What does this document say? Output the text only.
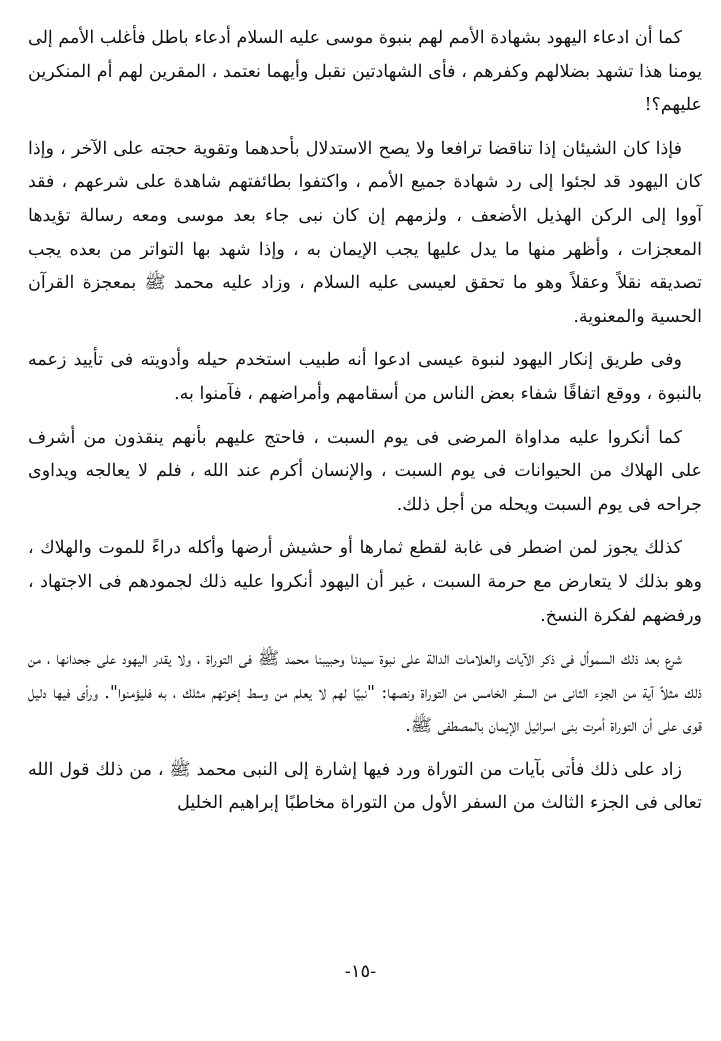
كما أن ادعاء اليهود بشهادة الأمم لهم بنبوة موسى عليه السلام أدعاء باطل فأغلب الأمم إلى يومنا هذا تشهد بضلالهم وكفرهم ، فأى الشهادتين نقبل وأيهما نعتمد ، المقرين لهم أم المنكرين عليهم؟!

فإذا كان الشيئان إذا تناقضا ترافعا ولا يصح الاستدلال بأحدهما وتقوية حجته على الآخر ، وإذا كان اليهود قد لجئوا إلى رد شهادة جميع الأمم ، واكتفوا بطائفتهم شاهدة على شرعهم ، فقد آووا إلى الركن الهذيل الأضعف ، ولزمهم إن كان نبى جاء بعد موسى ومعه رسالة تؤيدها المعجزات ، وأظهر منها ما يدل عليها يجب الإيمان به ، وإذا شهد بها التواتر من بعده يجب تصديقه نقلاً وعقلاً وهو ما تحقق لعيسى عليه السلام ، وزاد عليه محمد ﷺ بمعجزة القرآن الحسية والمعنوية.

وفى طريق إنكار اليهود لنبوة عيسى ادعوا أنه طبيب استخدم حيله وأدويته فى تأييد زعمه بالنبوة ، ووقع اتفاقًا شفاء بعض الناس من أسقامهم وأمراضهم ، فآمنوا به.

كما أنكروا عليه مداواة المرضى فى يوم السبت ، فاحتج عليهم بأنهم ينقذون من أشرف على الهلاك من الحيوانات فى يوم السبت ، والإنسان أكرم عند الله ، فلم لا يعالجه ويداوى جراحه فى يوم السبت ويحله من أجل ذلك.

كذلك يجوز لمن اضطر فى غابة لقطع ثمارها أو حشيش أرضها وأكله دراءً للموت والهلاك ، وهو بذلك لا يتعارض مع حرمة السبت ، غير أن اليهود أنكروا عليه ذلك لجمودهم فى الاجتهاد ، ورفضهم لفكرة النسخ.

شرع بعد ذلك السموأل فى ذكر الآيات والعلامات الدالة على نبوة سيدنا وحبيبنا محمد ﷺ فى التوراة ، ولا يقدر اليهود على جحدانها ، من ذلك مثلاً آية من الجزء الثانى من السفر الخامس من التوراة ونصها: "نبيًا لهم لا يعلم من وسط إخوتهم مثلك ، به فليؤمنوا". ورأى فيها دليل قوى على أن التوراة أمرت بنى اسرائيل الإيمان بالمصطفى ﷺ.

زاد على ذلك فأتى بآيات من التوراة ورد فيها إشارة إلى النبى محمد ﷺ ، من ذلك قول الله تعالى فى الجزء الثالث من السفر الأول من التوراة مخاطبًا إبراهيم الخليل

-١٥-
